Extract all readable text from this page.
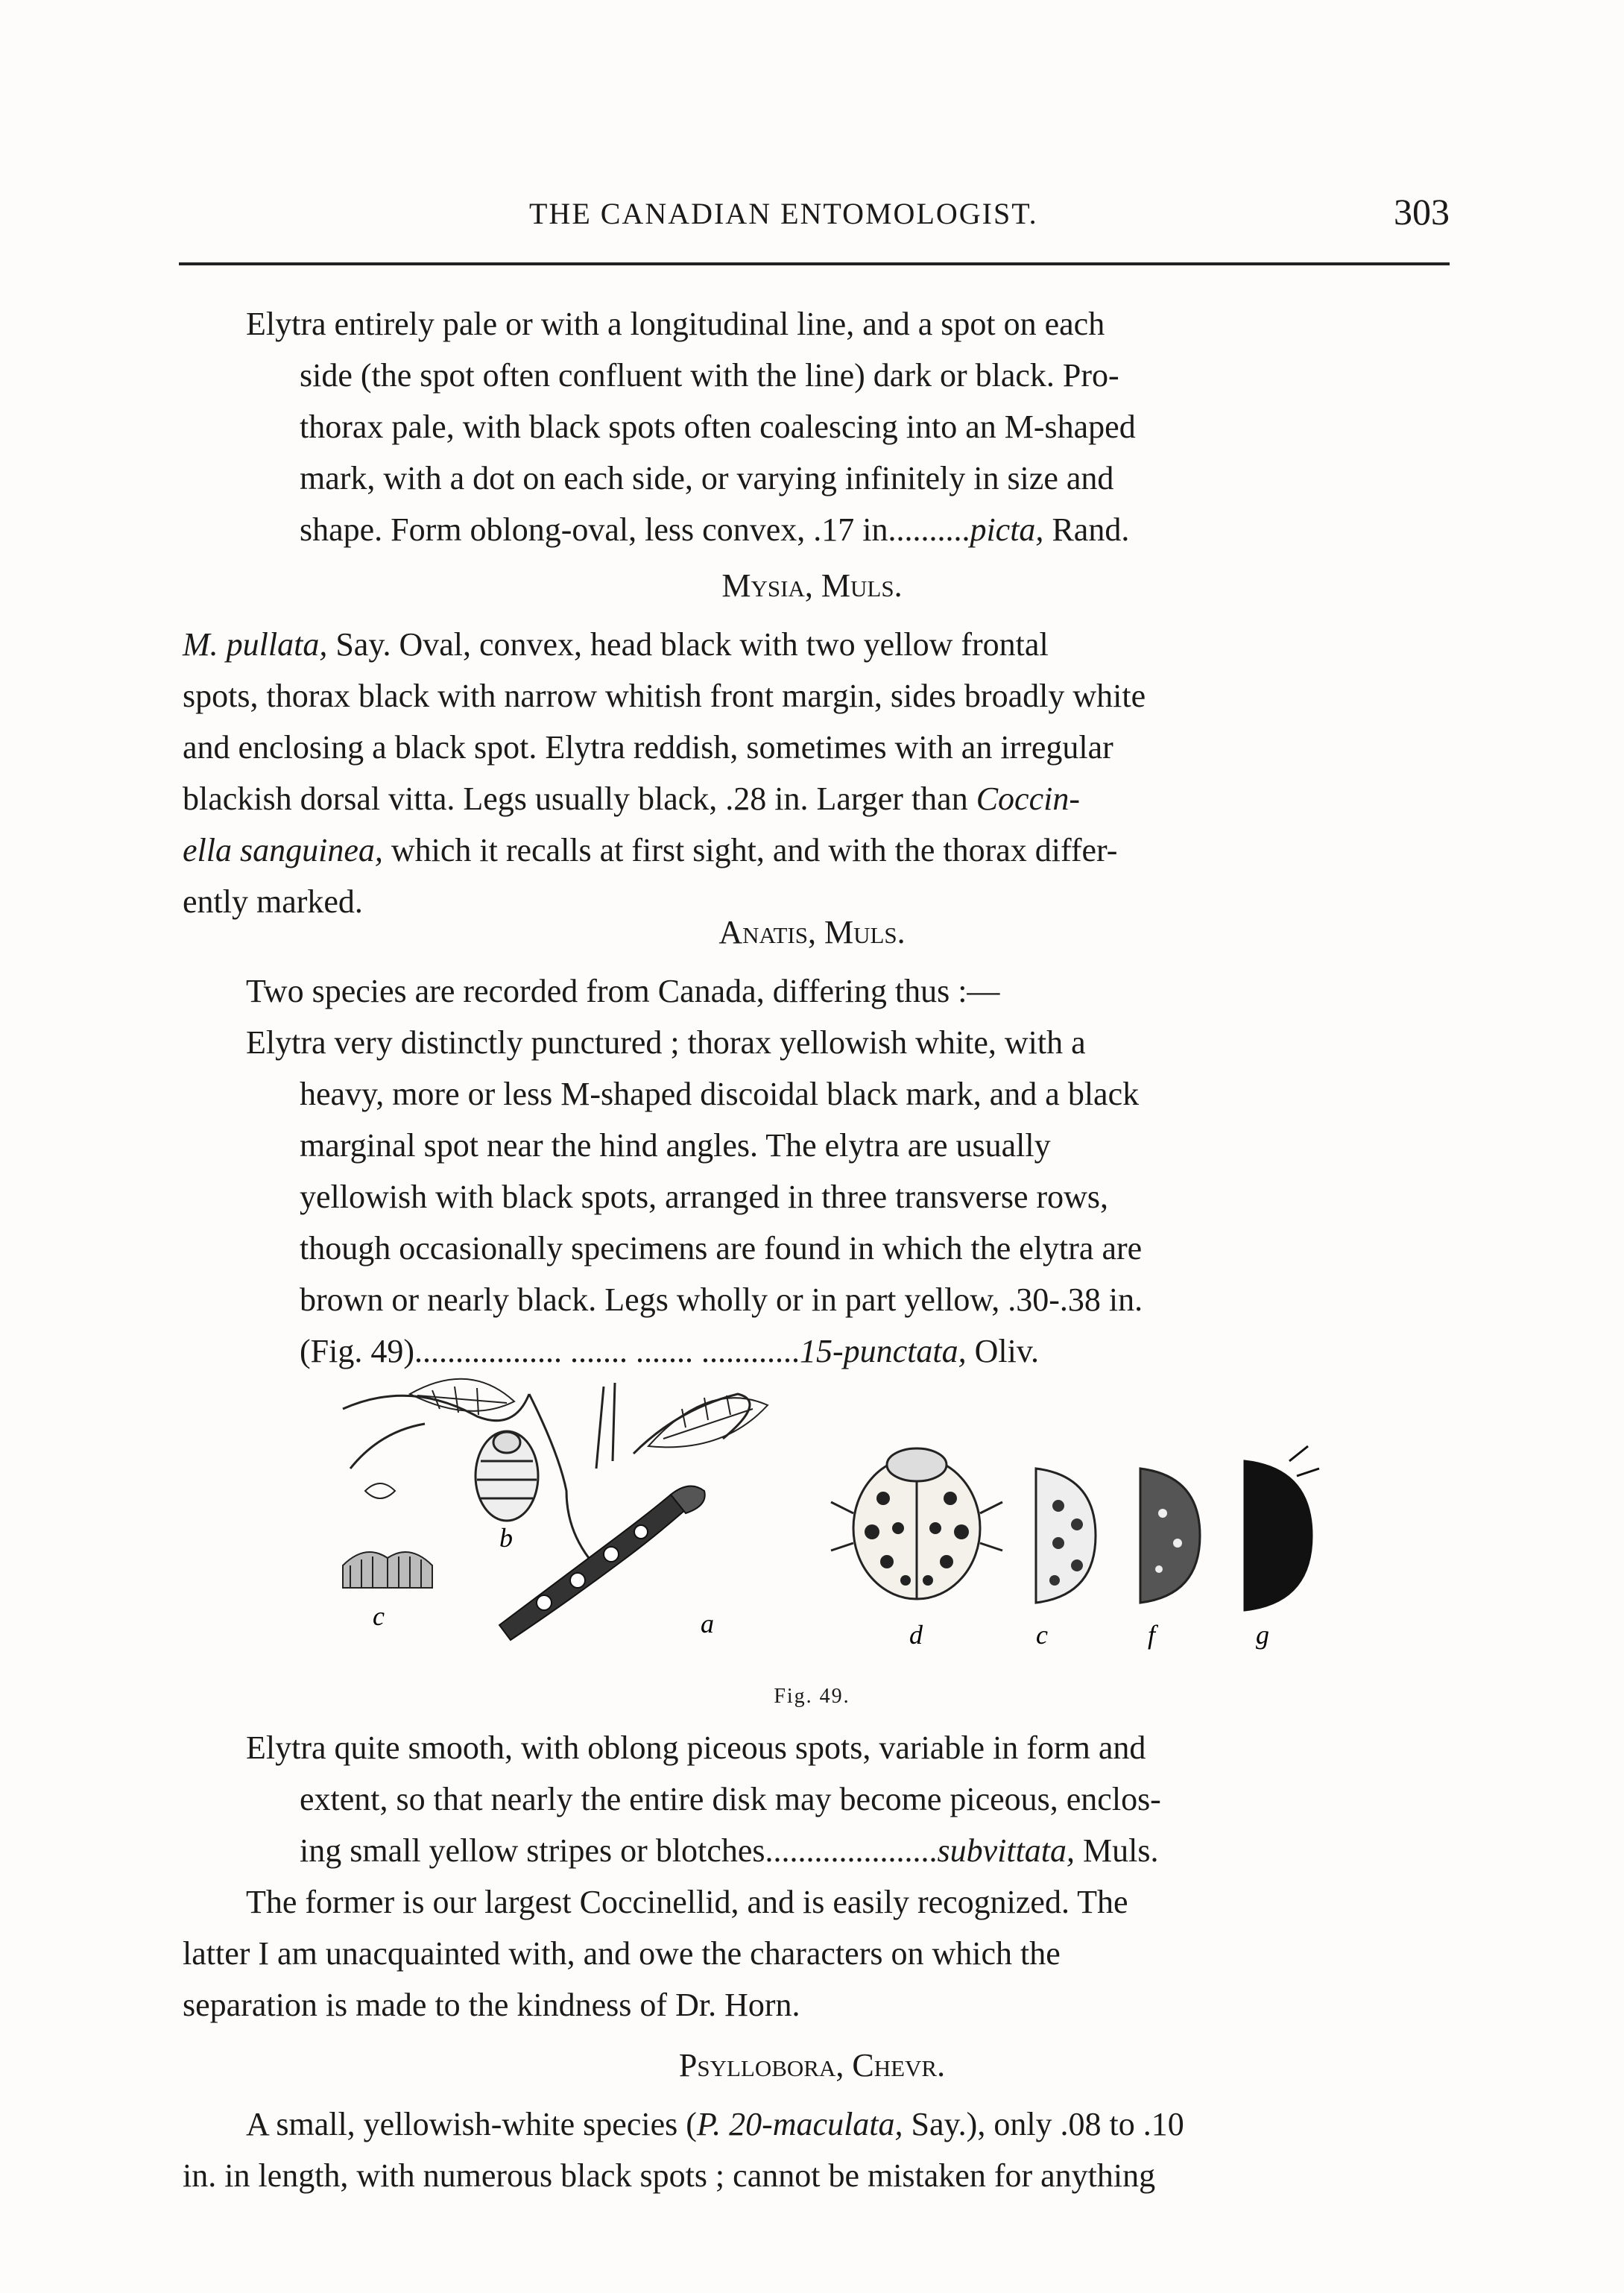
THE CANADIAN ENTOMOLOGIST.	303
Elytra entirely pale or with a longitudinal line, and a spot on each
side (the spot often confluent with the line) dark or black. Pro-
thorax pale, with black spots often coalescing into an M-shaped
mark, with a dot on each side, or varying infinitely in size and
shape. Form oblong-oval, less convex, .17 in..........picta, Rand.
Mysia, Muls.
M. pullata, Say. Oval, convex, head black with two yellow frontal
spots, thorax black with narrow whitish front margin, sides broadly white
and enclosing a black spot. Elytra reddish, sometimes with an irregular
blackish dorsal vitta. Legs usually black, .28 in. Larger than Coccin-
ella sanguinea, which it recalls at first sight, and with the thorax differ-
ently marked.
Anatis, Muls.
Two species are recorded from Canada, differing thus :—
Elytra very distinctly punctured ; thorax yellowish white, with a
heavy, more or less M-shaped discoidal black mark, and a black
marginal spot near the hind angles. The elytra are usually
yellowish with black spots, arranged in three transverse rows,
though occasionally specimens are found in which the elytra are
brown or nearly black. Legs wholly or in part yellow, .30-.38 in.
(Fig. 49).................. ....... ....... ............15-punctata, Oliv.
c
b
a	d	c	f	g
Fig. 49.
Elytra quite smooth, with oblong piceous spots, variable in form and
extent, so that nearly the entire disk may become piceous, enclos-
ing small yellow stripes or blotches.....................subvittata, Muls.
The former is our largest Coccinellid, and is easily recognized. The
latter I am unacquainted with, and owe the characters on which the
separation is made to the kindness of Dr. Horn.
Psyllobora, Chevr.
A small, yellowish-white species (P. 20-maculata, Say.), only .08 to .10
in. in length, with numerous black spots ; cannot be mistaken for anything
